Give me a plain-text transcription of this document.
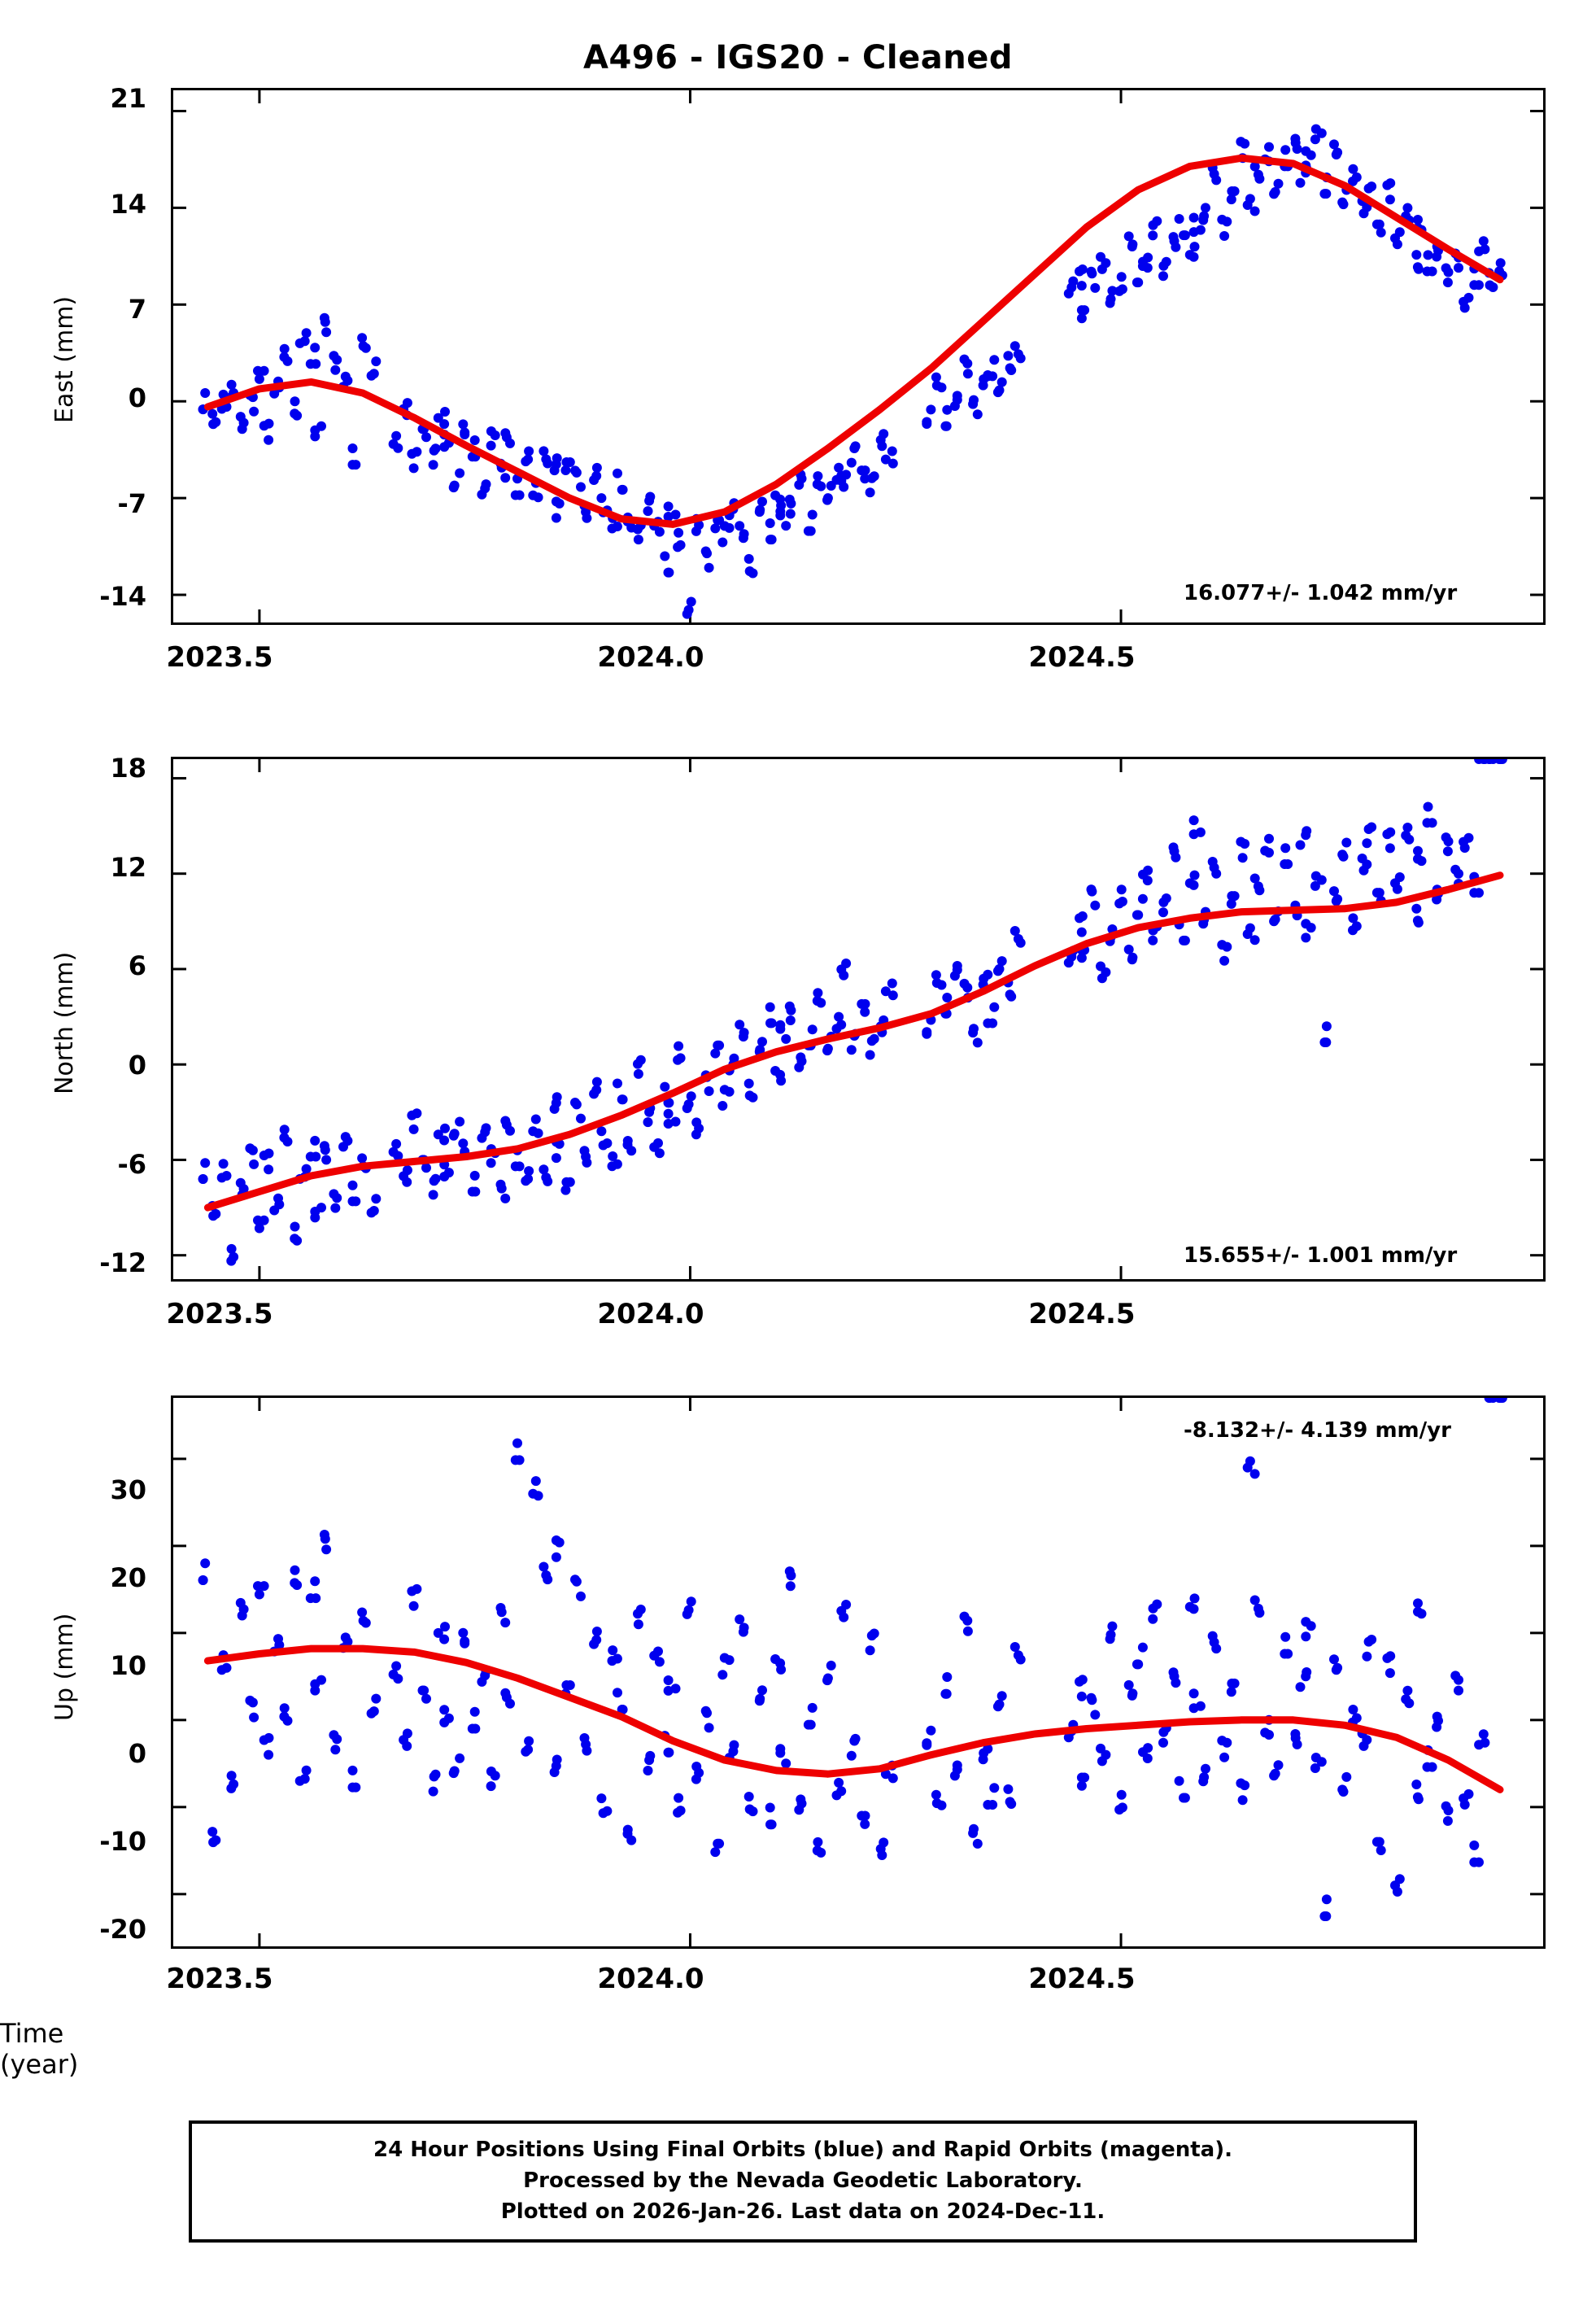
A496 - IGS20 - Cleaned
East (mm)
21
14
7
0
-7
-14	16.077+/- 1.042 mm/yr
2023.5	2024.0	2024.5
North (mm)
18
12
6
0
-6
-12	15.655+/- 1.001 mm/yr
2023.5	2024.0	2024.5
Up (mm)
30
20
10
0
-10
-20
-8.132+/- 4.139 mm/yr
2023.5	2024.0	2024.5
Time (year)
24 Hour Positions Using Final Orbits (blue) and Rapid Orbits (magenta).
Processed by the Nevada Geodetic Laboratory.
Plotted on 2026-Jan-26. Last data on 2024-Dec-11.
